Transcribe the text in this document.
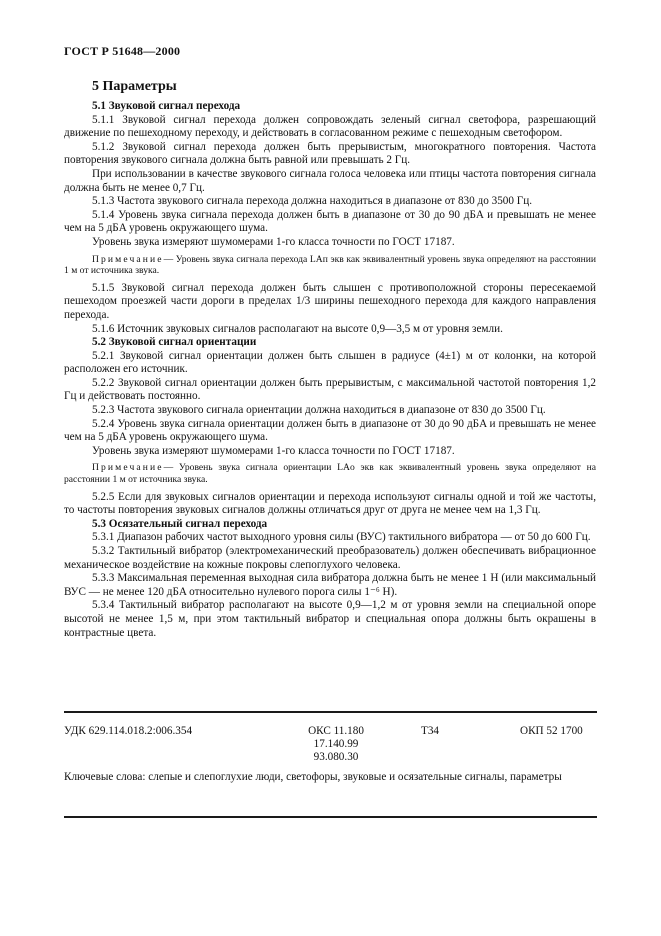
ГОСТ Р 51648—2000
5 Параметры

5.1 Звуковой сигнал перехода

5.1.1 Звуковой сигнал перехода должен сопровождать зеленый сигнал светофора, разрешающий движение по пешеходному переходу, и действовать в согласованном режиме с пешеходным светофором.

5.1.2 Звуковой сигнал перехода должен быть прерывистым, многократного повторения. Частота повторения звукового сигнала должна быть равной или превышать 2 Гц.

При использовании в качестве звукового сигнала голоса человека или птицы частота повторения сигнала должна быть не менее 0,7 Гц.

5.1.3 Частота звукового сигнала перехода должна находиться в диапазоне от 830 до 3500 Гц.

5.1.4 Уровень звука сигнала перехода должен быть в диапазоне от 30 до 90 дБA и превышать не менее чем на 5 дБA уровень окружающего шума.

Уровень звука измеряют шумомерами 1-го класса точности по ГОСТ 17187.

Примечание— Уровень звука сигнала перехода LAп экв как эквивалентный уровень звука определяют на расстоянии 1 м от источника звука.

5.1.5 Звуковой сигнал перехода должен быть слышен с противоположной стороны пересекаемой пешеходом проезжей части дороги в пределах 1/3 ширины пешеходного перехода для каждого направления перехода.

5.1.6 Источник звуковых сигналов располагают на высоте 0,9—3,5 м от уровня земли.

5.2 Звуковой сигнал ориентации

5.2.1 Звуковой сигнал ориентации должен быть слышен в радиусе (4±1) м от колонки, на которой расположен его источник.

5.2.2 Звуковой сигнал ориентации должен быть прерывистым, с максимальной частотой повторения 1,2 Гц и действовать постоянно.

5.2.3 Частота звукового сигнала ориентации должна находиться в диапазоне от 830 до 3500 Гц.

5.2.4 Уровень звука сигнала ориентации должен быть в диапазоне от 30 до 90 дБA и превышать не менее чем на 5 дБA уровень окружающего шума.

Уровень звука измеряют шумомерами 1-го класса точности по ГОСТ 17187.

Примечание— Уровень звука сигнала ориентации LAo экв как эквивалентный уровень звука определяют на расстоянии 1 м от источника звука.

5.2.5 Если для звуковых сигналов ориентации и перехода используют сигналы одной и той же частоты, то частоты повторения звуковых сигналов должны отличаться друг от друга не менее чем на 1,3 Гц.

5.3 Осязательный сигнал перехода

5.3.1 Диапазон рабочих частот выходного уровня силы (ВУС) тактильного вибратора — от 50 до 600 Гц.

5.3.2 Тактильный вибратор (электромеханический преобразователь) должен обеспечивать вибрационное механическое воздействие на кожные покровы слепоглухого человека.

5.3.3 Максимальная переменная выходная сила вибратора должна быть не менее 1 Н (или максимальный ВУС — не менее 120 дБA относительно нулевого порога силы 1⁻⁶ Н).

5.3.4 Тактильный вибратор располагают на высоте 0,9—1,2 м от уровня земли на специальной опоре высотой не менее 1,5 м, при этом тактильный вибратор и специальная опора должны быть окрашены в контрастные цвета.

УДК 629.114.018.2:006.354	ОКС 11.180
17.140.99
93.080.30
Т34	ОКП 52 1700
Ключевые слова: слепые и слепоглухие люди, светофоры, звуковые и осязательные сигналы, параметры
